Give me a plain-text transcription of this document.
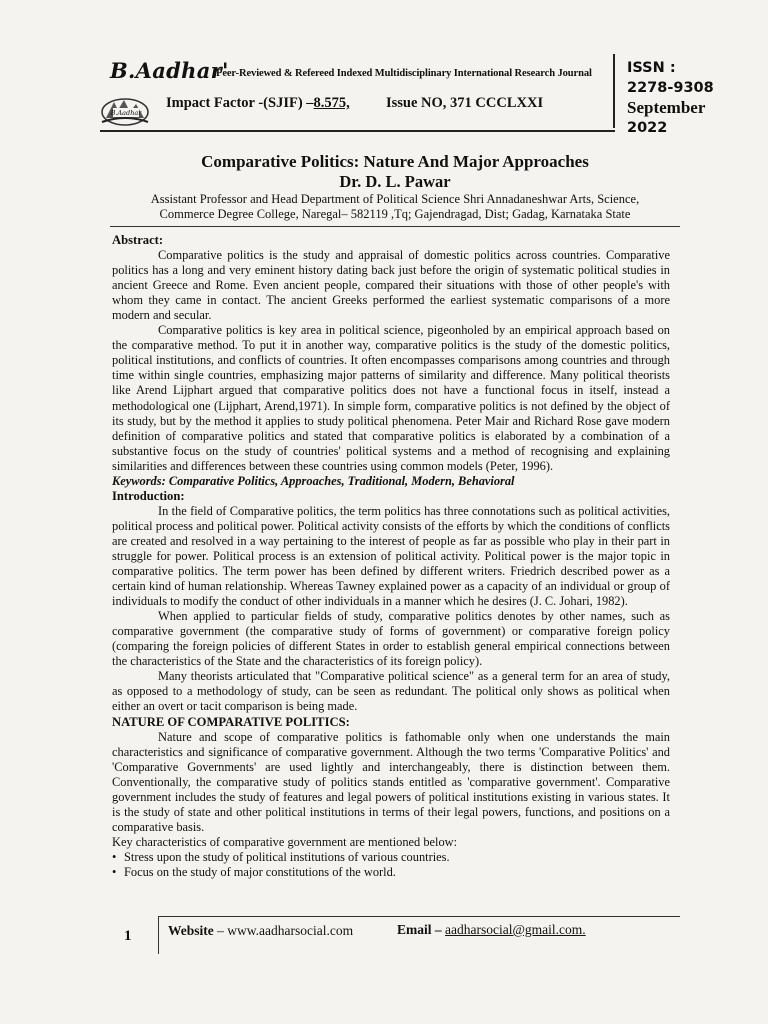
B.Aadhar'
Peer-Reviewed & Refereed Indexed Multidisciplinary International Research Journal
B.Aadhar
Impact Factor -(SJIF) –8.575, Issue NO, 371 CCCLXXI
ISSN :
2278-9308
September
2022
Comparative Politics: Nature And Major Approaches
Dr. D. L. Pawar
Assistant Professor and Head Department of Political Science Shri Annadaneshwar Arts, Science,
Commerce Degree College, Naregal– 582119 ,Tq; Gajendragad, Dist; Gadag, Karnataka State
Abstract:

Comparative politics is the study and appraisal of domestic politics across countries. Comparative politics has a long and very eminent history dating back just before the origin of systematic political studies in ancient Greece and Rome. Even ancient people, compared their situations with those of other people's with whom they came in contact. The ancient Greeks performed the earliest systematic comparisons of a more modern and secular.

Comparative politics is key area in political science, pigeonholed by an empirical approach based on the comparative method. To put it in another way, comparative politics is the study of the domestic politics, political institutions, and conflicts of countries. It often encompasses comparisons among countries and through time within single countries, emphasizing major patterns of similarity and difference. Many political theorists like Arend Lijphart argued that comparative politics does not have a functional focus in itself, instead a methodological one (Lijphart, Arend,1971). In simple form, comparative politics is not defined by the object of its study, but by the method it applies to study political phenomena. Peter Mair and Richard Rose gave modern definition of comparative politics and stated that comparative politics is elaborated by a combination of a substantive focus on the study of countries' political systems and a method of recognising and explaining similarities and differences between these countries using common models (Peter, 1996).

Keywords: Comparative Politics, Approaches, Traditional, Modern, Behavioral

Introduction:

In the field of Comparative politics, the term politics has three connotations such as political activities, political process and political power. Political activity consists of the efforts by which the conditions of conflicts are created and resolved in a way pertaining to the interest of people as far as possible who play in their part in struggle for power. Political process is an extension of political activity. Political power is the major topic in comparative politics. The term power has been defined by different writers. Friedrich described power as a certain kind of human relationship. Whereas Tawney explained power as a capacity of an individual or group of individuals to modify the conduct of other individuals in a manner which he desires (J. C. Johari, 1982).

When applied to particular fields of study, comparative politics denotes by other names, such as comparative government (the comparative study of forms of government) or comparative foreign policy (comparing the foreign policies of different States in order to establish general empirical connections between the characteristics of the State and the characteristics of its foreign policy).

Many theorists articulated that "Comparative political science" as a general term for an area of study, as opposed to a methodology of study, can be seen as redundant. The political only shows as political when either an overt or tacit comparison is being made.

NATURE OF COMPARATIVE POLITICS:

Nature and scope of comparative politics is fathomable only when one understands the main characteristics and significance of comparative government. Although the two terms 'Comparative Politics' and 'Comparative Governments' are used lightly and interchangeably, there is distinction between them. Conventionally, the comparative study of politics stands entitled as 'comparative government'. Comparative government includes the study of features and legal powers of political institutions existing in various states. It is the study of state and other political institutions in terms of their legal powers, functions, and positions on a comparative basis.

Key characteristics of comparative government are mentioned below:

• Stress upon the study of political institutions of various countries.
• Focus on the study of major constitutions of the world.
1	Website – www.aadharsocial.com	Email – aadharsocial@gmail.com.
